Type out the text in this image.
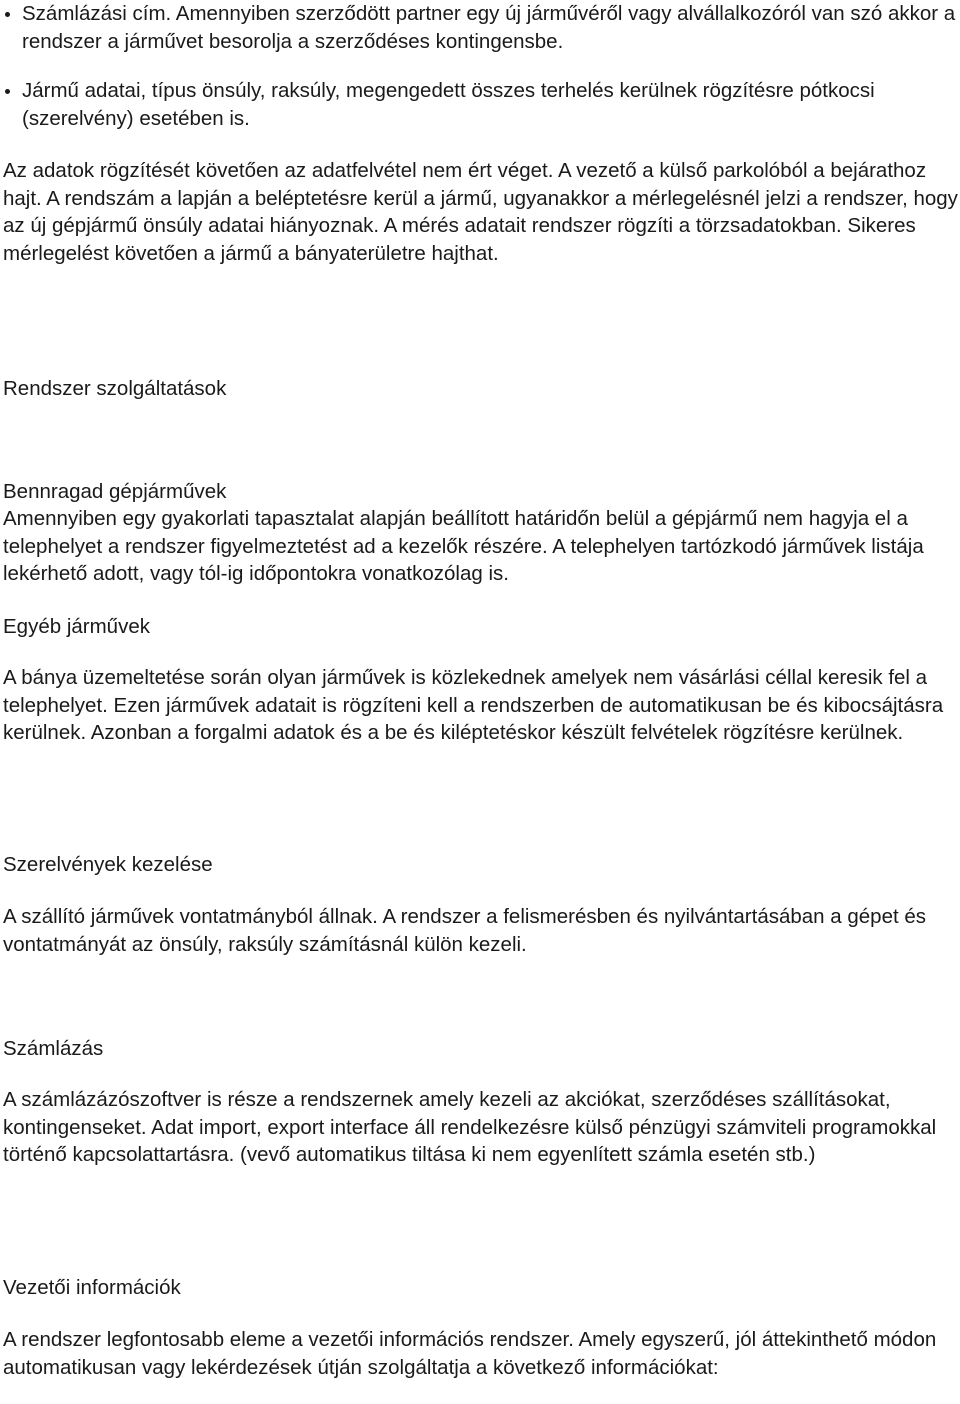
Számlázási cím. Amennyiben szerződött partner egy új járművéről vagy alvállalkozóról van szó akkor a rendszer a járművet besorolja a szerződéses kontingensbe.
Jármű adatai, típus önsúly, raksúly, megengedett összes terhelés kerülnek rögzítésre pótkocsi (szerelvény) esetében is.

Az adatok rögzítését követően az adatfelvétel nem ért véget. A vezető a külső parkolóból a bejárathoz hajt. A rendszám a lapján a beléptetésre kerül a jármű, ugyanakkor a mérlegelésnél jelzi a rendszer, hogy az új gépjármű önsúly adatai hiányoznak. A mérés adatait rendszer rögzíti a törzsadatokban. Sikeres mérlegelést követően a jármű a bányaterületre hajthat.

Rendszer szolgáltatások
Bennragad gépjárművek

Amennyiben egy gyakorlati tapasztalat alapján beállított határidőn belül a gépjármű nem hagyja el a telephelyet a rendszer figyelmeztetést ad a kezelők részére. A telephelyen tartózkodó járművek listája lekérhető adott, vagy tól-ig időpontokra vonatkozólag is.

Egyéb járművek

A bánya üzemeltetése során olyan járművek is közlekednek amelyek nem vásárlási céllal keresik fel a telephelyet. Ezen járművek adatait is rögzíteni kell a rendszerben de automatikusan be és kibocsájtásra kerülnek. Azonban a forgalmi adatok és a be és kiléptetéskor készült felvételek rögzítésre kerülnek.

Szerelvények kezelése

A szállító járművek vontatmányból állnak. A rendszer a felismerésben és nyilvántartásában a gépet és vontatmányát az önsúly, raksúly számításnál külön kezeli.

Számlázás

A számlázázószoftver is része a rendszernek amely kezeli az akciókat, szerződéses szállításokat, kontingenseket. Adat import, export interface áll rendelkezésre külső pénzügyi számviteli programokkal történő kapcsolattartásra. (vevő automatikus tiltása ki nem egyenlített számla esetén stb.)

Vezetői információk

A rendszer legfontosabb eleme a vezetői információs rendszer. Amely egyszerű, jól áttekinthető módon automatikusan vagy lekérdezések útján szolgáltatja a következő információkat:
